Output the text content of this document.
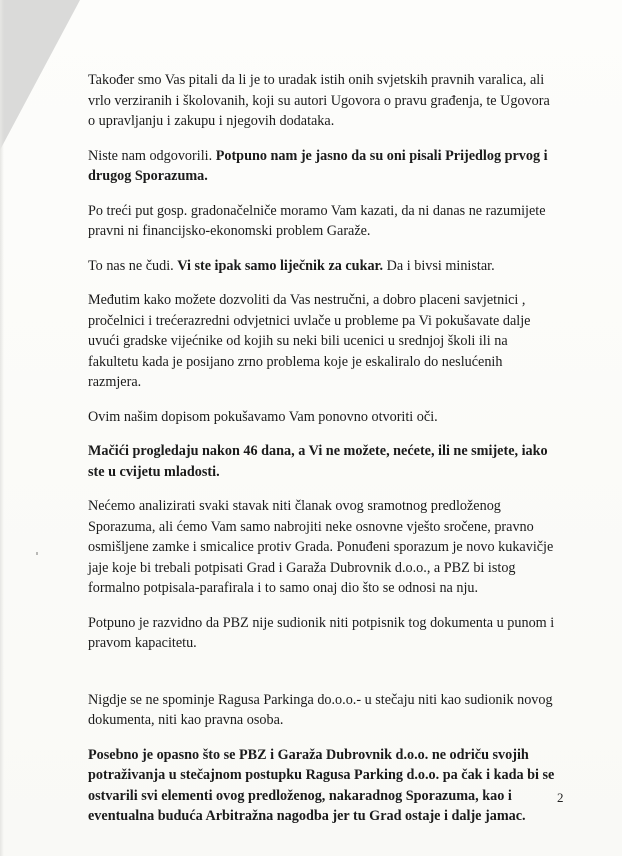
Također smo Vas pitali da li je to uradak istih onih svjetskih pravnih varalica, ali vrlo verziranih i školovanih, koji su autori Ugovora o pravu građenja, te Ugovora o upravljanju i zakupu i njegovih dodataka.

Niste nam odgovorili. Potpuno nam je jasno da su oni pisali Prijedlog prvog i drugog Sporazuma.

Po treći put gosp. gradonačelniče moramo Vam kazati, da ni danas ne razumijete pravni ni financijsko-ekonomski problem Garaže.

To nas ne čudi. Vi ste ipak samo liječnik za cukar. Da i bivsi ministar.

Međutim kako možete dozvoliti da Vas nestručni, a dobro placeni savjetnici , pročelnici i trećerazredni odvjetnici uvlače u probleme pa Vi pokušavate dalje uvući gradske vijećnike od kojih su neki bili ucenici u srednjoj školi ili na fakultetu kada je posijano zrno problema koje je eskaliralo do neslućenih razmjera.

Ovim našim dopisom pokušavamo Vam ponovno otvoriti oči.

Mačići progledaju nakon 46 dana, a Vi ne možete, nećete, ili ne smijete, iako ste u cvijetu mladosti.

Nećemo analizirati svaki stavak niti članak ovog sramotnog predloženog Sporazuma, ali ćemo Vam samo nabrojiti neke osnovne vješto sročene, pravno osmišljene zamke i smicalice protiv Grada. Ponuđeni sporazum je novo kukavičje jaje koje bi trebali potpisati Grad i Garaža Dubrovnik d.o.o., a PBZ bi istog formalno potpisala-parafirala i to samo onaj dio što se odnosi na nju.

Potpuno je razvidno da PBZ nije sudionik niti potpisnik tog dokumenta u punom i pravom kapacitetu.

Nigdje se ne spominje Ragusa Parkinga do.o.o.- u stečaju niti kao sudionik novog dokumenta, niti kao pravna osoba.

Posebno je opasno što se PBZ i Garaža Dubrovnik d.o.o. ne odriču svojih potraživanja u stečajnom postupku Ragusa Parking d.o.o. pa čak i kada bi se ostvarili svi elementi ovog predloženog, nakaradnog Sporazuma, kao i eventualna buduća Arbitražna nagodba jer tu Grad ostaje i dalje jamac.

2
